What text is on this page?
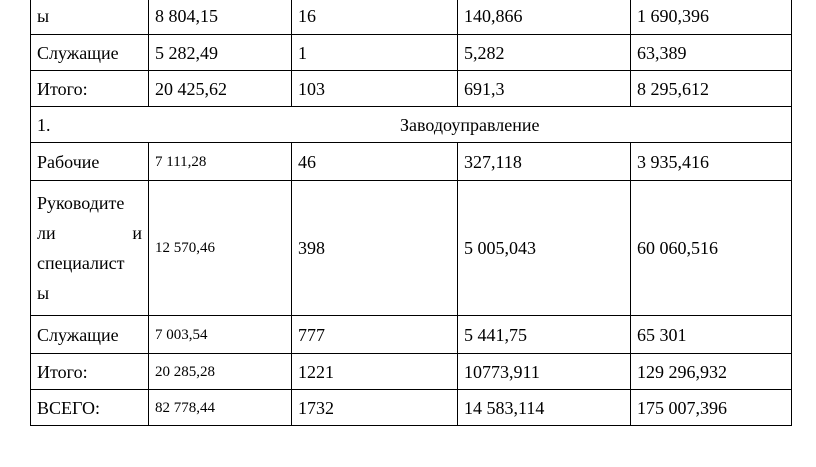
ы	8 804,15	16	140,866	1 690,396
Служащие	5 282,49	1	5,282	63,389
Итого:	20 425,62	103	691,3	8 295,612
1. Заводоуправление				
Рабочие	7 111,28	46	327,118	3 935,416

Руководите
ли и
специалист
ы	12 570,46	398	5 005,043	60 060,516
Служащие	7 003,54	777	5 441,75	65 301
Итого:	20 285,28	1221	10773,911	129 296,932
ВСЕГО:	82 778,44	1732	14 583,114	175 007,396
